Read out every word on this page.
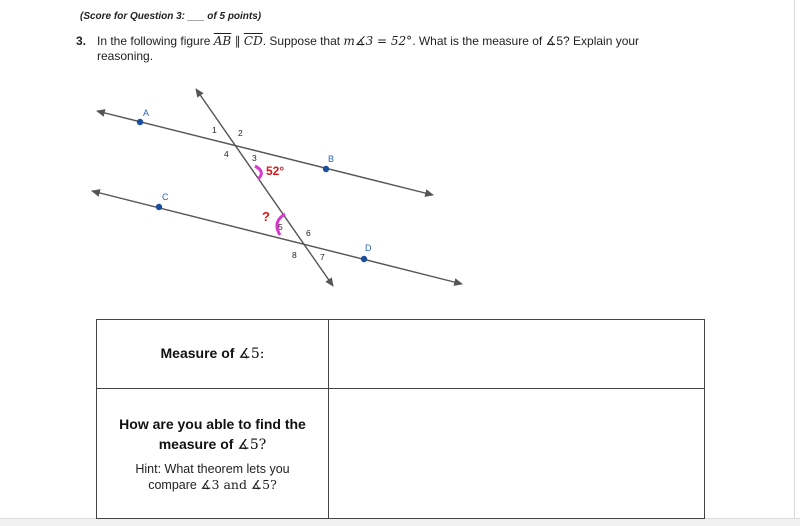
(Score for Question 3: ___ of 5 points)
3. In the following figure $\overline{AB}$ ∥ $\overline{CD}$. Suppose that m∡3 = 52°. What is the measure of ∡5? Explain your reasoning.
A
B
C
D
1	2
4	3
5
6
8	7
52°
?
Measure of ∡5:	

How are you able to find the
measure of ∡5?
Hint: What theorem lets you
compare ∡3 and ∡5?	
